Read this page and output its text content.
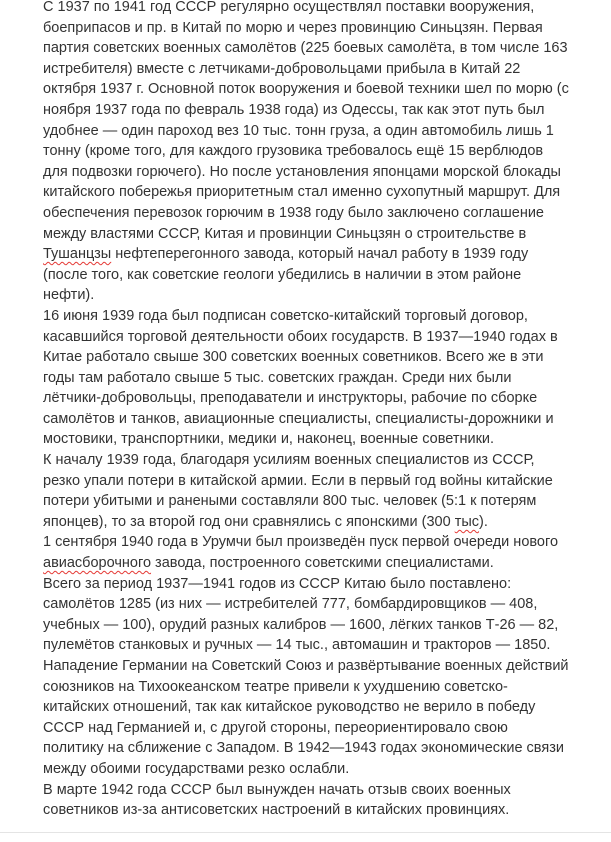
С 1937 по 1941 год СССР регулярно осуществлял поставки вооружения,
боеприпасов и пр. в Китай по морю и через провинцию Синьцзян. Первая
партия советских военных самолётов (225 боевых самолёта, в том числе 163
истребителя) вместе с летчиками-добровольцами прибыла в Китай 22
октября 1937 г. Основной поток вооружения и боевой техники шел по морю (с
ноября 1937 года по февраль 1938 года) из Одессы, так как этот путь был
удобнее — один пароход вез 10 тыс. тонн груза, а один автомобиль лишь 1
тонну (кроме того, для каждого грузовика требовалось ещё 15 верблюдов
для подвозки горючего). Но после установления японцами морской блокады
китайского побережья приоритетным стал именно сухопутный маршрут. Для
обеспечения перевозок горючим в 1938 году было заключено соглашение
между властями СССР, Китая и провинции Синьцзян о строительстве в
Тушанцзы нефтеперегонного завода, который начал работу в 1939 году
(после того, как советские геологи убедились в наличии в этом районе
нефти).
16 июня 1939 года был подписан советско-китайский торговый договор,
касавшийся торговой деятельности обоих государств. В 1937—1940 годах в
Китае работало свыше 300 советских военных советников. Всего же в эти
годы там работало свыше 5 тыс. советских граждан. Среди них были
лётчики-добровольцы, преподаватели и инструкторы, рабочие по сборке
самолётов и танков, авиационные специалисты, специалисты-дорожники и
мостовики, транспортники, медики и, наконец, военные советники.
К началу 1939 года, благодаря усилиям военных специалистов из СССР,
резко упали потери в китайской армии. Если в первый год войны китайские
потери убитыми и ранеными составляли 800 тыс. человек (5:1 к потерям
японцев), то за второй год они сравнялись с японскими (300 тыс).
1 сентября 1940 года в Урумчи был произведён пуск первой очереди нового
авиасборочного завода, построенного советскими специалистами.
Всего за период 1937—1941 годов из СССР Китаю было поставлено:
самолётов 1285 (из них — истребителей 777, бомбардировщиков — 408,
учебных — 100), орудий разных калибров — 1600, лёгких танков Т-26 — 82,
пулемётов станковых и ручных — 14 тыс., автомашин и тракторов — 1850.
Нападение Германии на Советский Союз и развёртывание военных действий
союзников на Тихоокеанском театре привели к ухудшению советско-
китайских отношений, так как китайское руководство не верило в победу
СССР над Германией и, с другой стороны, переориентировало свою
политику на сближение с Западом. В 1942—1943 годах экономические связи
между обоими государствами резко ослабли.
В марте 1942 года СССР был вынужден начать отзыв своих военных
советников из-за антисоветских настроений в китайских провинциях.
